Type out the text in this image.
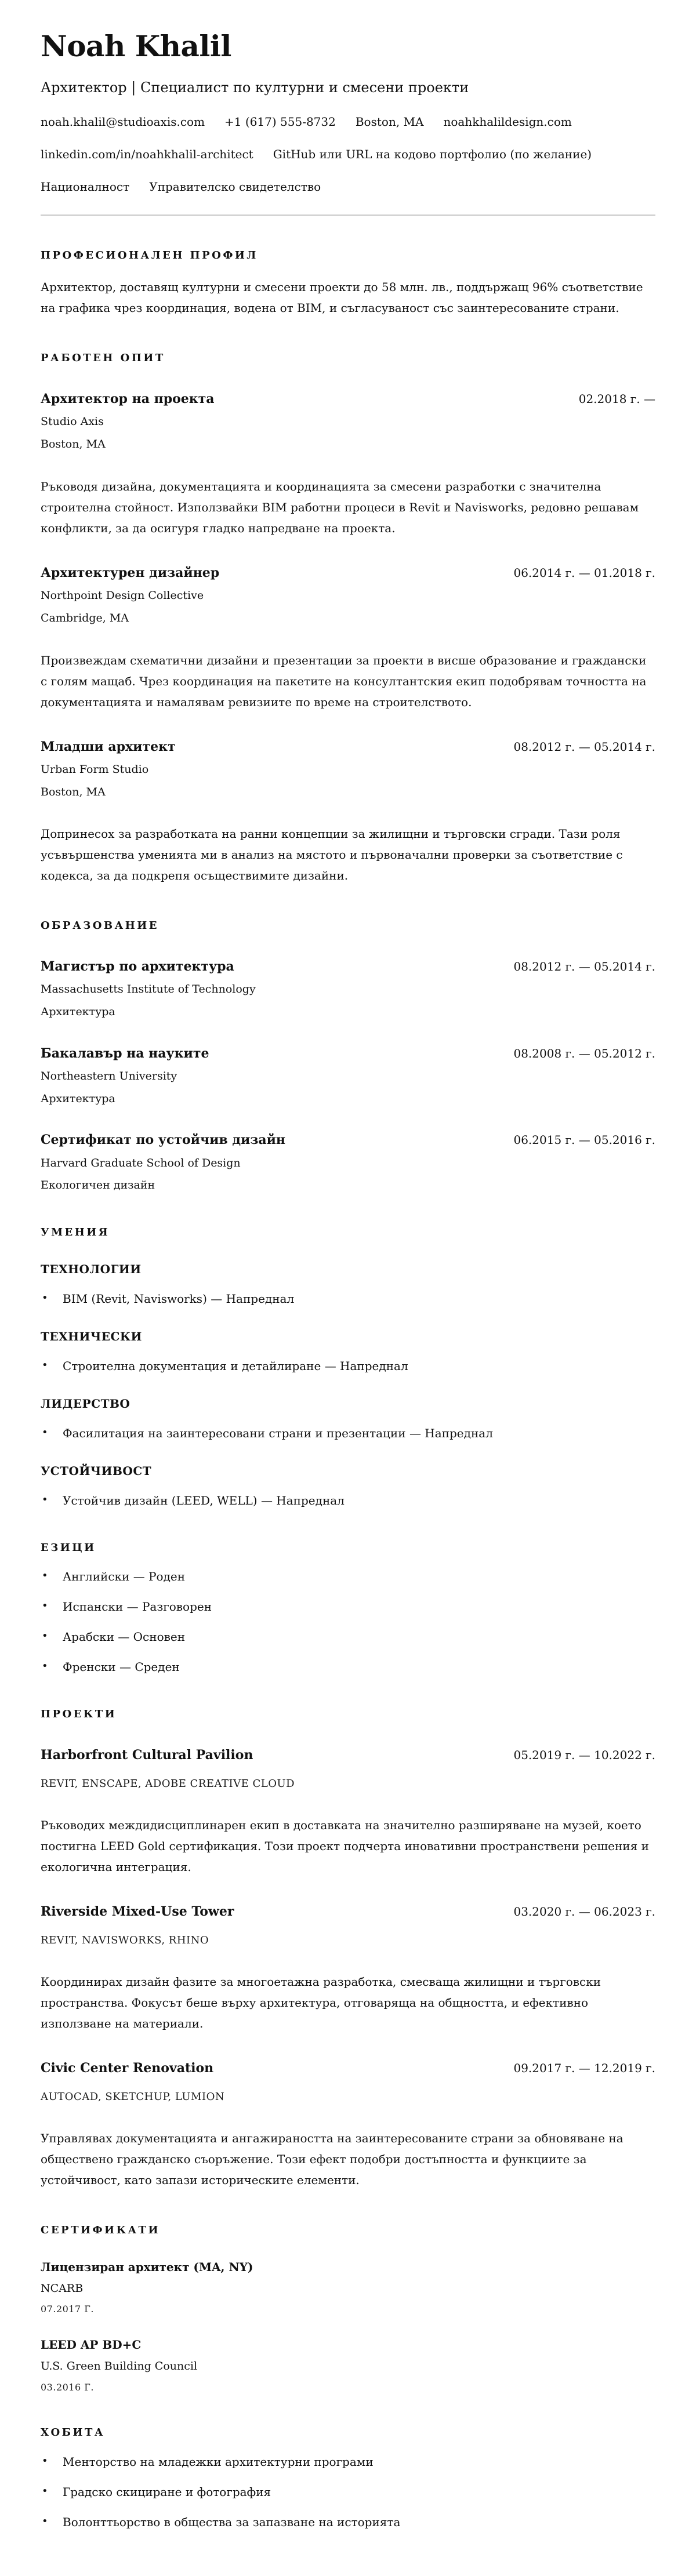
Noah Khalil
Архитектор | Специалист по културни и смесени проекти
noah.khalil@studioaxis.com +1 (617) 555-8732 Boston, MA noahkhalildesign.com
linkedin.com/in/noahkhalil-architect GitHub или URL на кодово портфолио (по желание)
Националност Управителско свидетелство
ПРОФЕСИОНАЛЕН ПРОФИЛ

Архитектор, доставящ културни и смесени проекти до 58 млн. лв., поддържащ 96% съответствие на графика чрез координация, водена от BIM, и съгласуваност със заинтересованите страни.

РАБОТЕН ОПИТ
Архитектор на проекта	02.2018 г. —
Studio Axis
Boston, MA

Ръководя дизайна, документацията и координацията за смесени разработки с значителна строителна стойност. Използвайки BIM работни процеси в Revit и Navisworks, редовно решавам конфликти, за да осигуря гладко напредване на проекта.

Архитектурен дизайнер	06.2014 г. — 01.2018 г.
Northpoint Design Collective
Cambridge, MA

Произвеждам схематични дизайни и презентации за проекти в висше образование и граждански с голям мащаб. Чрез координация на пакетите на консултантския екип подобрявам точността на документацията и намалявам ревизиите по време на строителството.

Младши архитект	08.2012 г. — 05.2014 г.
Urban Form Studio
Boston, MA

Допринесох за разработката на ранни концепции за жилищни и търговски сгради. Тази роля усъвършенства уменията ми в анализ на мястото и първоначални проверки за съответствие с кодекса, за да подкрепя осъществимите дизайни.

ОБРАЗОВАНИЕ
Магистър по архитектура	08.2012 г. — 05.2014 г.
Massachusetts Institute of Technology
Архитектура
Бакалавър на науките	08.2008 г. — 05.2012 г.
Northeastern University
Архитектура
Сертификат по устойчив дизайн	06.2015 г. — 05.2016 г.
Harvard Graduate School of Design
Екологичен дизайн
УМЕНИЯ
ТЕХНОЛОГИИ
• BIM (Revit, Navisworks) — Напреднал
ТЕХНИЧЕСКИ
• Строителна документация и детайлиране — Напреднал
ЛИДЕРСТВО
• Фасилитация на заинтересовани страни и презентации — Напреднал
УСТОЙЧИВОСТ
• Устойчив дизайн (LEED, WELL) — Напреднал
ЕЗИЦИ
• Английски — Роден
• Испански — Разговорен
• Арабски — Основен
• Френски — Среден
ПРОЕКТИ
Harborfront Cultural Pavilion	05.2019 г. — 10.2022 г.
REVIT, ENSCAPE, ADOBE CREATIVE CLOUD

Ръководих междидисциплинарен екип в доставката на значително разширяване на музей, което постигна LEED Gold сертификация. Този проект подчерта иновативни пространствени решения и екологична интеграция.

Riverside Mixed-Use Tower	03.2020 г. — 06.2023 г.
REVIT, NAVISWORKS, RHINO

Координирах дизайн фазите за многоетажна разработка, смесваща жилищни и търговски пространства. Фокусът беше върху архитектура, отговаряща на общността, и ефективно използване на материали.

Civic Center Renovation	09.2017 г. — 12.2019 г.
AUTOCAD, SKETCHUP, LUMION

Управлявах документацията и ангажираността на заинтересованите страни за обновяване на обществено гражданско съоръжение. Този ефект подобри достъпността и функциите за устойчивост, като запази историческите елементи.

СЕРТИФИКАТИ
Лицензиран архитект (MA, NY)
NCARB
07.2017 Г.
LEED AP BD+C
U.S. Green Building Council
03.2016 Г.
ХОБИТА
• Менторство на младежки архитектурни програми
• Градско скициране и фотография
• Волонттьорство в общества за запазване на историята
